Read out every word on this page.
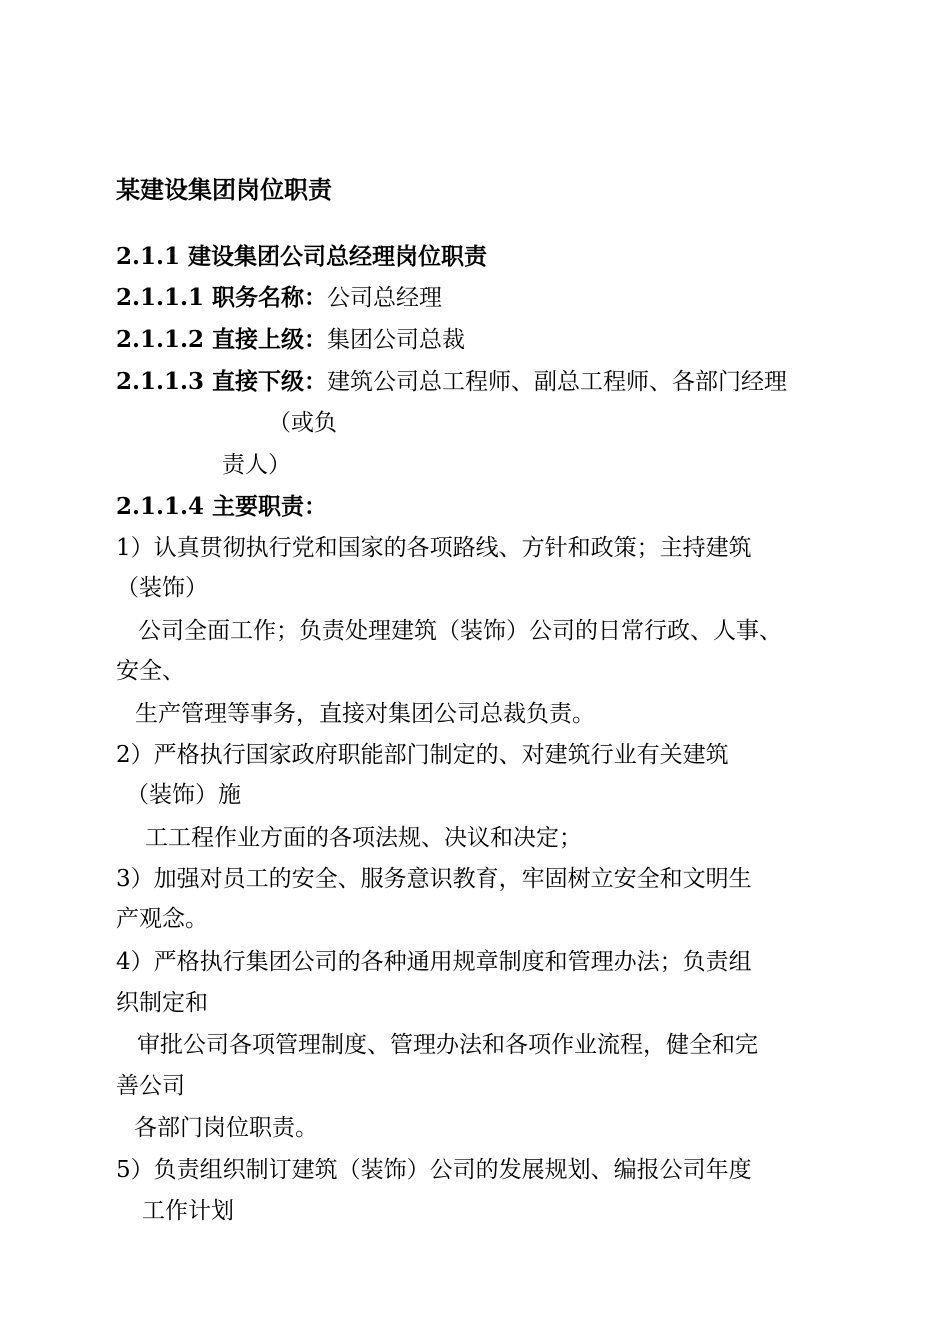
某建设集团岗位职责
2.1.1 建设集团公司总经理岗位职责
2.1.1.1 职务名称：公司总经理
2.1.1.2 直接上级：集团公司总裁
2.1.1.3 直接下级：建筑公司总工程师、副总工程师、各部门经理
（或负
责人）
2.1.1.4 主要职责：
1）认真贯彻执行党和国家的各项路线、方针和政策；主持建筑
（装饰）
公司全面工作；负责处理建筑（装饰）公司的日常行政、人事、
安全、
生产管理等事务，直接对集团公司总裁负责。
2）严格执行国家政府职能部门制定的、对建筑行业有关建筑
（装饰）施
工工程作业方面的各项法规、决议和决定；
3）加强对员工的安全、服务意识教育，牢固树立安全和文明生
产观念。
4）严格执行集团公司的各种通用规章制度和管理办法；负责组
织制定和
审批公司各项管理制度、管理办法和各项作业流程，健全和完
善公司
各部门岗位职责。
5）负责组织制订建筑（装饰）公司的发展规划、编报公司年度
工作计划
